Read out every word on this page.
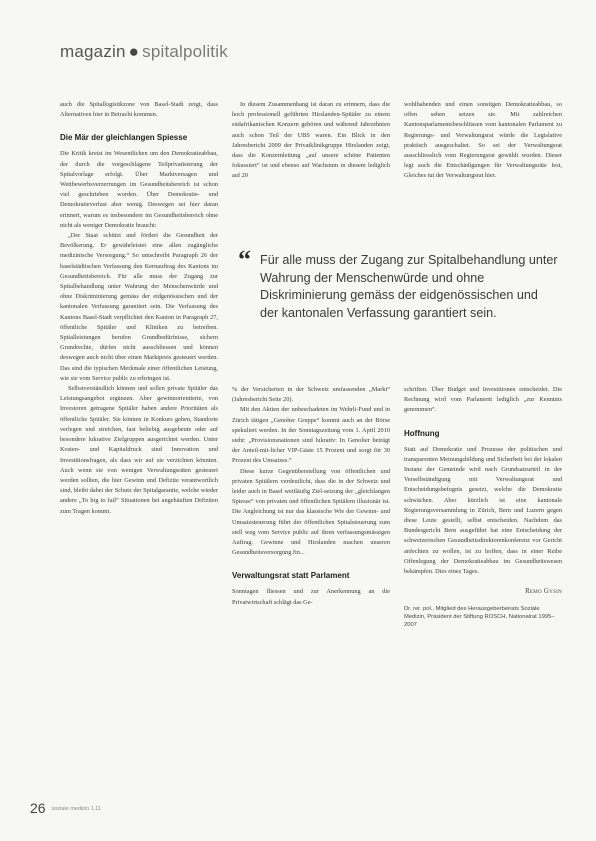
magazin ● spitalpolitik

auch die Spitallogistikzone von Basel-Stadt zeigt, dass Alternativen hier in Betracht kommen.

Die Mär der gleichlangen Spiesse

Die Kritik kreist im Wesentlichen um den Demokratieabbau, der durch die vorgeschlagene Teilprivatisierung der Spitalvorlage erfolgt. Über Marktversagen und Wettbewerbsverzerrungen im Gesundheitsbereich ist schon viel geschrieben worden. Über Demokratie- und Demokratieverlust aber wenig. Deswegen sei hier daran erinnert, warum es insbesondere im Gesundheitsbereich ohne nicht als weniger Demokratie braucht:

„Der Staat schützt und fördert die Gesundheit der Bevölkerung. Er gewährleistet eine allen zugängliche medizinische Versorgung.“ So umschreibt Paragraph 26 der baselstädtischen Verfassung den Kernauftrag des Kantons im Gesundheitsbereich. Für alle muss der Zugang zur Spitalbehandlung unter Wahrung der Menschenwürde und ohne Diskriminierung gemäss der eidgenössischen und der kantonalen Verfassung garantiert sein. Die Verfassung des Kantons Basel-Stadt verpflichtet den Kanton in Paragraph 27, öffentliche Spitäler und Kliniken zu betreiben. Spitalleistungen berufen Grundbedürfnisse, sichern Grundrechte, dürfen nicht ausschliessen und können deswegen auch nicht über einen Marktpreis gesteuert werden. Das sind die typischen Merkmale einer öffentlichen Leistung, wie sie vom Service public zu erbringen ist.

Selbstverständlich können und sollen private Spitäler das Leistungsangebot ergänzen. Aber gewinnorientierte, von Investoren getragene Spitäler haben andere Prioritäten als öffentliche Spitäler. Sie können in Konkurs gehen, Standorte verlegen und streichen, fast beliebig ausgebeute oder auf besondere lukrative Zielgruppen ausgerichtet werden. Unter Kosten- und Kapitaldruck sind Innovation und Investitionsfragen, als dass wir auf sie verzichten könnten. Auch wenn sie von wenigen Verwaltungsräten gesteuert werden sollten, die hier Gewinn und Defizite verantwortlich sind, bleibt dabei der Schutz der Spitalgarantie, welche wieder andere „To big to fail“ Situationen bei angehäuften Defiziten zum Tragen kommt.

In diesem Zusammenhang ist daran zu erinnern, dass die hoch professionell geführten Hirslanden-Spitäler zu einem südafrikanischen Konzern gehören und während Jahrzehnten auch schon Teil der UBS waren. Ein Blick in den Jahresbericht 2009 der Privatklinikgruppe Hirslanden zeigt, dass die Konzernleitung „auf unsere schöne Patienten fokussiert“ ist und ebenso auf Wachstum in diesem lediglich auf 20

wohlhabenden und einen sonstigen Demokratieabbau, so offen sehen setzen sie. Mit zahlreichen Kantonsparlamentsbeschlüssen vom kantonalen Parlament zu Regierungs- und Verwaltungsrat würde die Legislative praktisch ausgeschaltet. So sei der Verwaltungsrat ausschliesslich vom Regierungsrat gewählt worden. Dieser legt auch die Entschädigungen für Verwaltungsräte fest, Gleiches tut der Verwaltungsrat hier.

“ Für alle muss der Zugang zur Spitalbehandlung unter Wahrung der Menschenwürde und ohne Diskriminierung gemäss der eidgenössischen und der kantonalen Verfassung garantiert sein.

% der Versicherten in der Schweiz umfassenden „Markt“ (Jahresbericht Seite 20).

Mit den Aktien der unbeschadeten im Wehrli-Fund und in Zürich tätigen „Genoher Gruppe“ kommt auch an der Börse spekuliert werden. In der Sonntagszeitung vom 1. April 2010 steht: „Provisionsnationen sind lukrativ: In Genolier beträgt der Anteil-mit-licher VIP-Gäste 15 Prozent und sorgt für 30 Prozent des Umsatzes.“

Diese kurze Gegenüberstellung von öffentlichen und privaten Spitälern verdeutlicht, dass die in der Schweiz und leider auch in Basel weitläufig Ziel-setzung der „gleichlangen Spiesse“ von privaten und öffentlichen Spitälern illusionär ist. Die Angleichung ist nur das klassische Wie der Gewinn- und Umsatzsteuerung führt der öffentlichen Spitalsteuerung zum stell weg vom Service public auf ihren verfassungsmässigen Auftrag. Gewinne und Hirslanden machen unseren Gesundheitsversorgung fin...

Verwaltungsrat statt Parlament

Sonntagen fliessen und zur Anerkennung an die Privatwirtschaft schlägt das Ge-

schriften. Über Budget und Investitionen entscheidet. Die Rechnung wird vom Parlament lediglich „zur Kenntnis genommen“.

Hoffnung

Statt auf Demokratie und Prozesse der politischen und transparenten Meinungsbildung und Sicherheit bei der lokalen Instanz der Gemeinde wird nach Grundsatzurteil in der Verselbständigung mit Verwaltungsrat und Entscheidungsbefugnis gesetzt, welche die Demokratie schwächen. Aber kürzlich ist eine kantonale Regierungsversammlung in Zürich, Bern und Luzern gegen diese Leute gestellt, selbst entscheiden. Nachdem das Bundesgericht Bern ausgeführt hat eine Entscheidung der schweizerischen Gesundheitsdirektorenkonferenz vor Gericht anfechten zu wollen, ist zu hoffen, dass in einer Reihe Offenlegung der Demokratieabbau im Gesundheitswesen bekämpfen. Dies eines Tages.

Remo Gysin
Dr. rer. pol., Mitglied des Herausgeberbeirats Soziale Medizin, Präsident der Stiftung ROSCH, Nationalrat 1995–2007
26 soziale medizin 1.11
